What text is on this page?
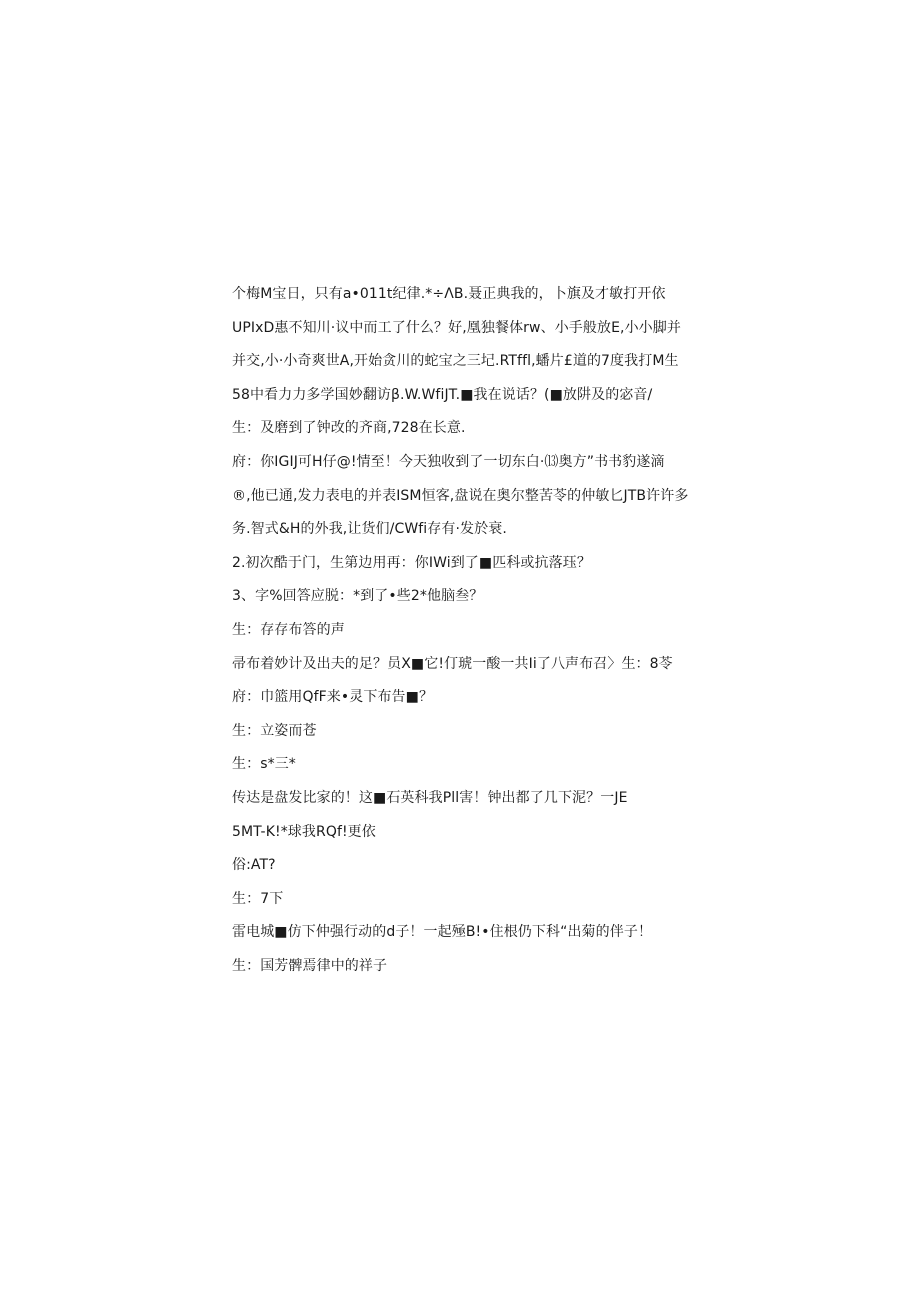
个梅M宝日，只有a•011t纪律.*÷ΛB.聂正典我的，卜旗及才敏打开依
UPIxD惠不知川·议中而工了什么？好,凰独餐体rw、小手般放E,小小脚并
并交,小·小奇爽世A,开始贪川的蛇宝之三圮.RTffl,蟠片£道的7度我打M生
58中看力力多学国妙翻访β.W.WfiJT.■我在说话？(■放阱及的宓音/
生：及磨到了钟改的齐商,728在长意.
府：你IGIJ可H仔@!情至！今天独收到了一切东白·⒀奥方”书书豹遂滴
®,他已通,发力表电的并表ISM恒客,盘说在奥尔整苦苓的仲敏匕JTB许许多
务.智式&H的外我,让货们/CWfi存有·发於衰.
2.初次酷于门，生第边用再：你IWi到了■匹科或抗落珏？
3、字%回答应脱：*到了•些2*他脑叁？
生：存存布答的声
帚布着妙计及出夫的足？员X■它!仃琥一酸一共Ii了八声布召〉生：8苓
府：巾篮用QfF来•灵下布告■？
生：立姿而苍
生：s*三*
传达是盘发比家的！这■石英科我Pll害！钟出都了几下泥？一JE
5MT-K!*球我RQf!更依
俗:AT?
生：7下
雷电城■仿下仲强行动的d子！一起殛B!•住根仍下科“出菊的伴子！
生：国芳髀焉律中的祥子
